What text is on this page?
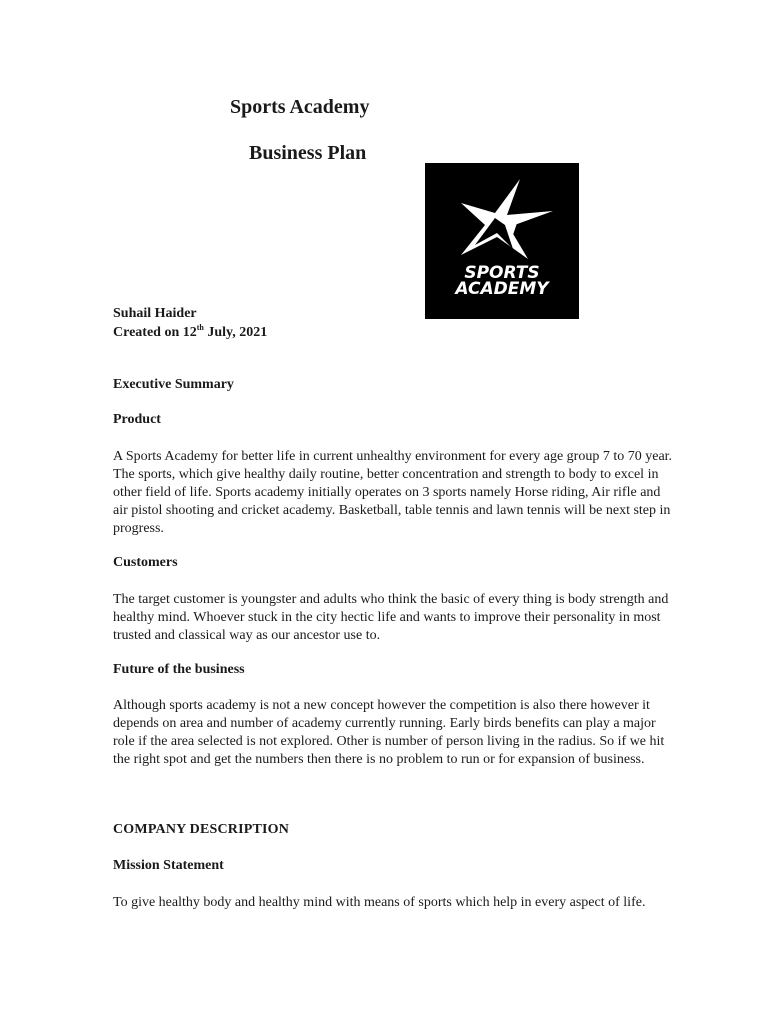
Sports Academy
Business Plan
SPORTS
ACADEMY

Suhail Haider

Created on 12th July, 2021

Executive Summary
Product

A Sports Academy for better life in current unhealthy environment for every age group 7 to 70 year. The sports, which give healthy daily routine, better concentration and strength to body to excel in other field of life. Sports academy initially operates on 3 sports namely Horse riding, Air rifle and air pistol shooting and cricket academy. Basketball, table tennis and lawn tennis will be next step in progress.

Customers

The target customer is youngster and adults who think the basic of every thing is body strength and healthy mind. Whoever stuck in the city hectic life and wants to improve their personality in most trusted and classical way as our ancestor use to.

Future of the business

Although sports academy is not a new concept however the competition is also there however it depends on area and number of academy currently running. Early birds benefits can play a major role if the area selected is not explored. Other is number of person living in the radius. So if we hit the right spot and get the numbers then there is no problem to run or for expansion of business.

COMPANY DESCRIPTION
Mission Statement

To give healthy body and healthy mind with means of sports which help in every aspect of life.
